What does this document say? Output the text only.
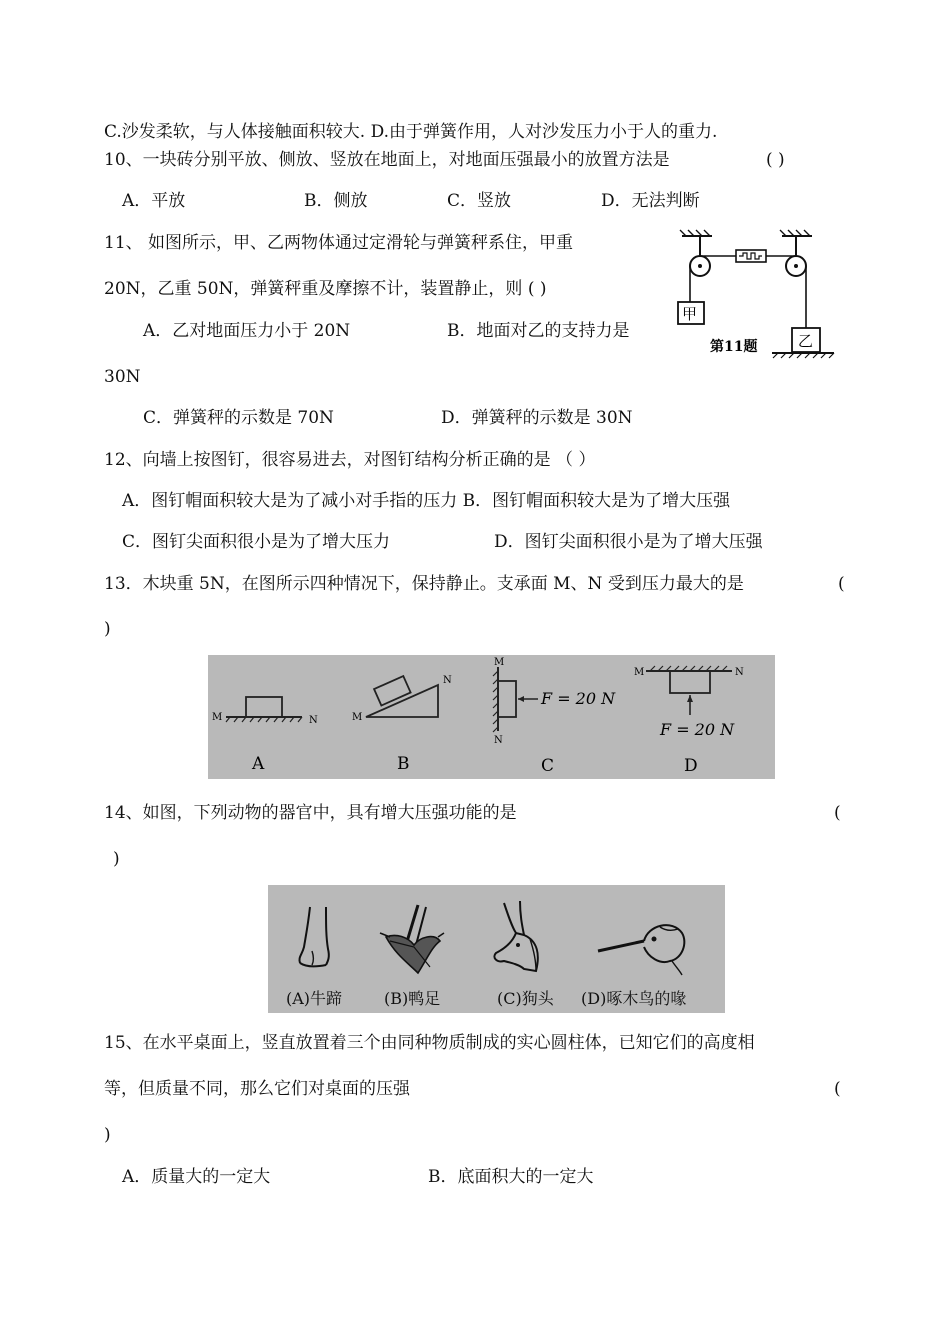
C.沙发柔软，与人体接触面积较大. D.由于弹簧作用，人对沙发压力小于人的重力.
10、一块砖分别平放、侧放、竖放在地面上，对地面压强最小的放置方法是	( )
A．平放	B．侧放	C．竖放	D．无法判断
11、 如图所示，甲、乙两物体通过定滑轮与弹簧秤系住，甲重
20N，乙重 50N，弹簧秤重及摩擦不计，装置静止，则 ( )
A．乙对地面压力小于 20N	B．地面对乙的支持力是
30N
C．弹簧秤的示数是 70N	D．弹簧秤的示数是 30N
甲
乙
第11题
12、向墙上按图钉，很容易进去，对图钉结构分析正确的是 （ ）
A．图钉帽面积较大是为了减小对手指的压力 B．图钉帽面积较大是为了增大压强
C．图钉尖面积很小是为了增大压力	D．图钉尖面积很小是为了增大压强
13．木块重 5N，在图所示四种情况下，保持静止。支承面 M、N 受到压力最大的是	(
)
M	N
A
M
N
B
M
N
F = 20 N
C
M	N
F = 20 N
D
14、如图，下列动物的器官中，具有增大压强功能的是	(
)
(A)牛蹄	(B)鸭足	(C)狗头 (D)啄木鸟的喙
15、在水平桌面上，竖直放置着三个由同种物质制成的实心圆柱体，已知它们的高度相
等，但质量不同，那么它们对桌面的压强	(
)
A．质量大的一定大	B．底面积大的一定大
